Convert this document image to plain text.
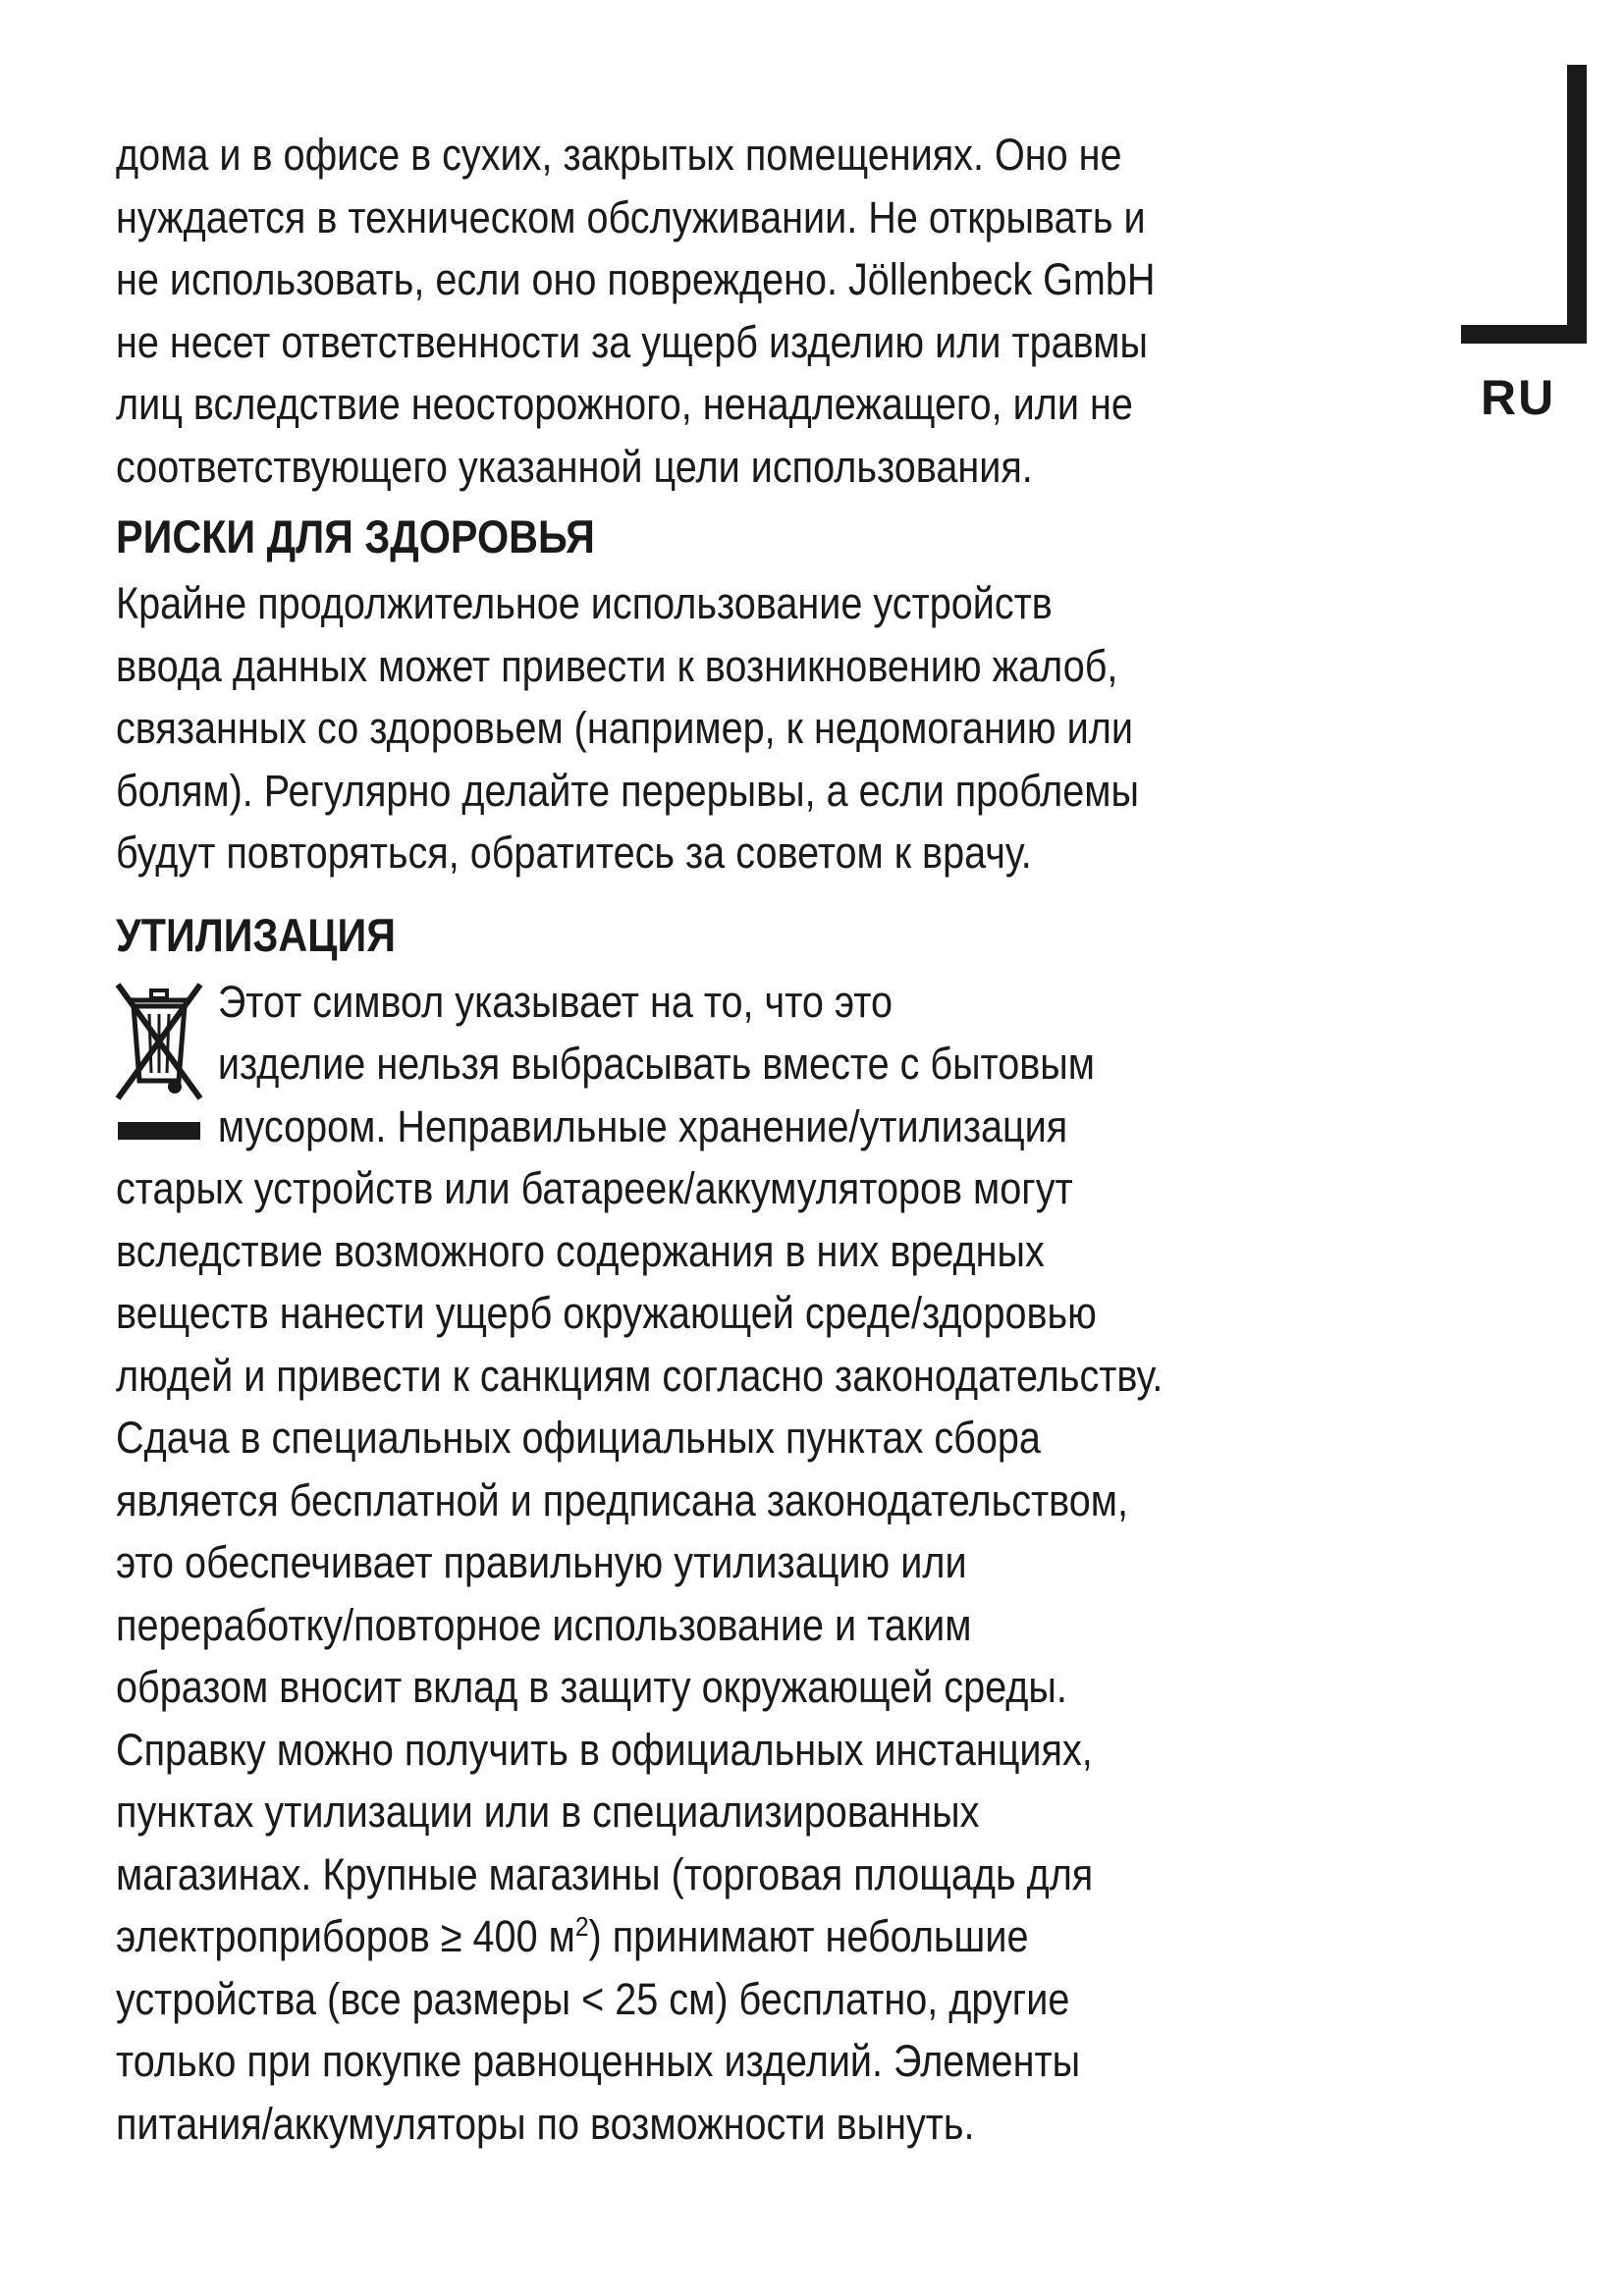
RU

дома и в офисе в сухих, закрытых помещениях. Оно не
нуждается в техническом обслуживании. Не открывать и
не использовать, если оно повреждено. Jöllenbeck GmbH
не несет ответственности за ущерб изделию или травмы
лиц вследствие неосторожного, ненадлежащего, или не
соответствующего указанной цели использования.

РИСКИ ДЛЯ ЗДОРОВЬЯ

Крайне продолжительное использование устройств
ввода данных может привести к возникновению жалоб,
связанных со здоровьем (например, к недомоганию или
болям). Регулярно делайте перерывы, а если проблемы
будут повторяться, обратитесь за советом к врачу.

УТИЛИЗАЦИЯ

Этот символ указывает на то, что это
изделие нельзя выбрасывать вместе с бытовым
мусором. Неправильные хранение/утилизация
старых устройств или батареек/аккумуляторов могут
вследствие возможного содержания в них вредных
веществ нанести ущерб окружающей среде/здоровью
людей и привести к санкциям согласно законодательству.
Сдача в специальных официальных пунктах сбора
является бесплатной и предписана законодательством,
это обеспечивает правильную утилизацию или
переработку/повторное использование и таким
образом вносит вклад в защиту окружающей среды.
Справку можно получить в официальных инстанциях,
пунктах утилизации или в специализированных
магазинах. Крупные магазины (торговая площадь для
электроприборов ≥ 400 $м^2$) принимают небольшие
устройства (все размеры < 25 см) бесплатно, другие
только при покупке равноценных изделий. Элементы
питания/аккумуляторы по возможности вынуть.
